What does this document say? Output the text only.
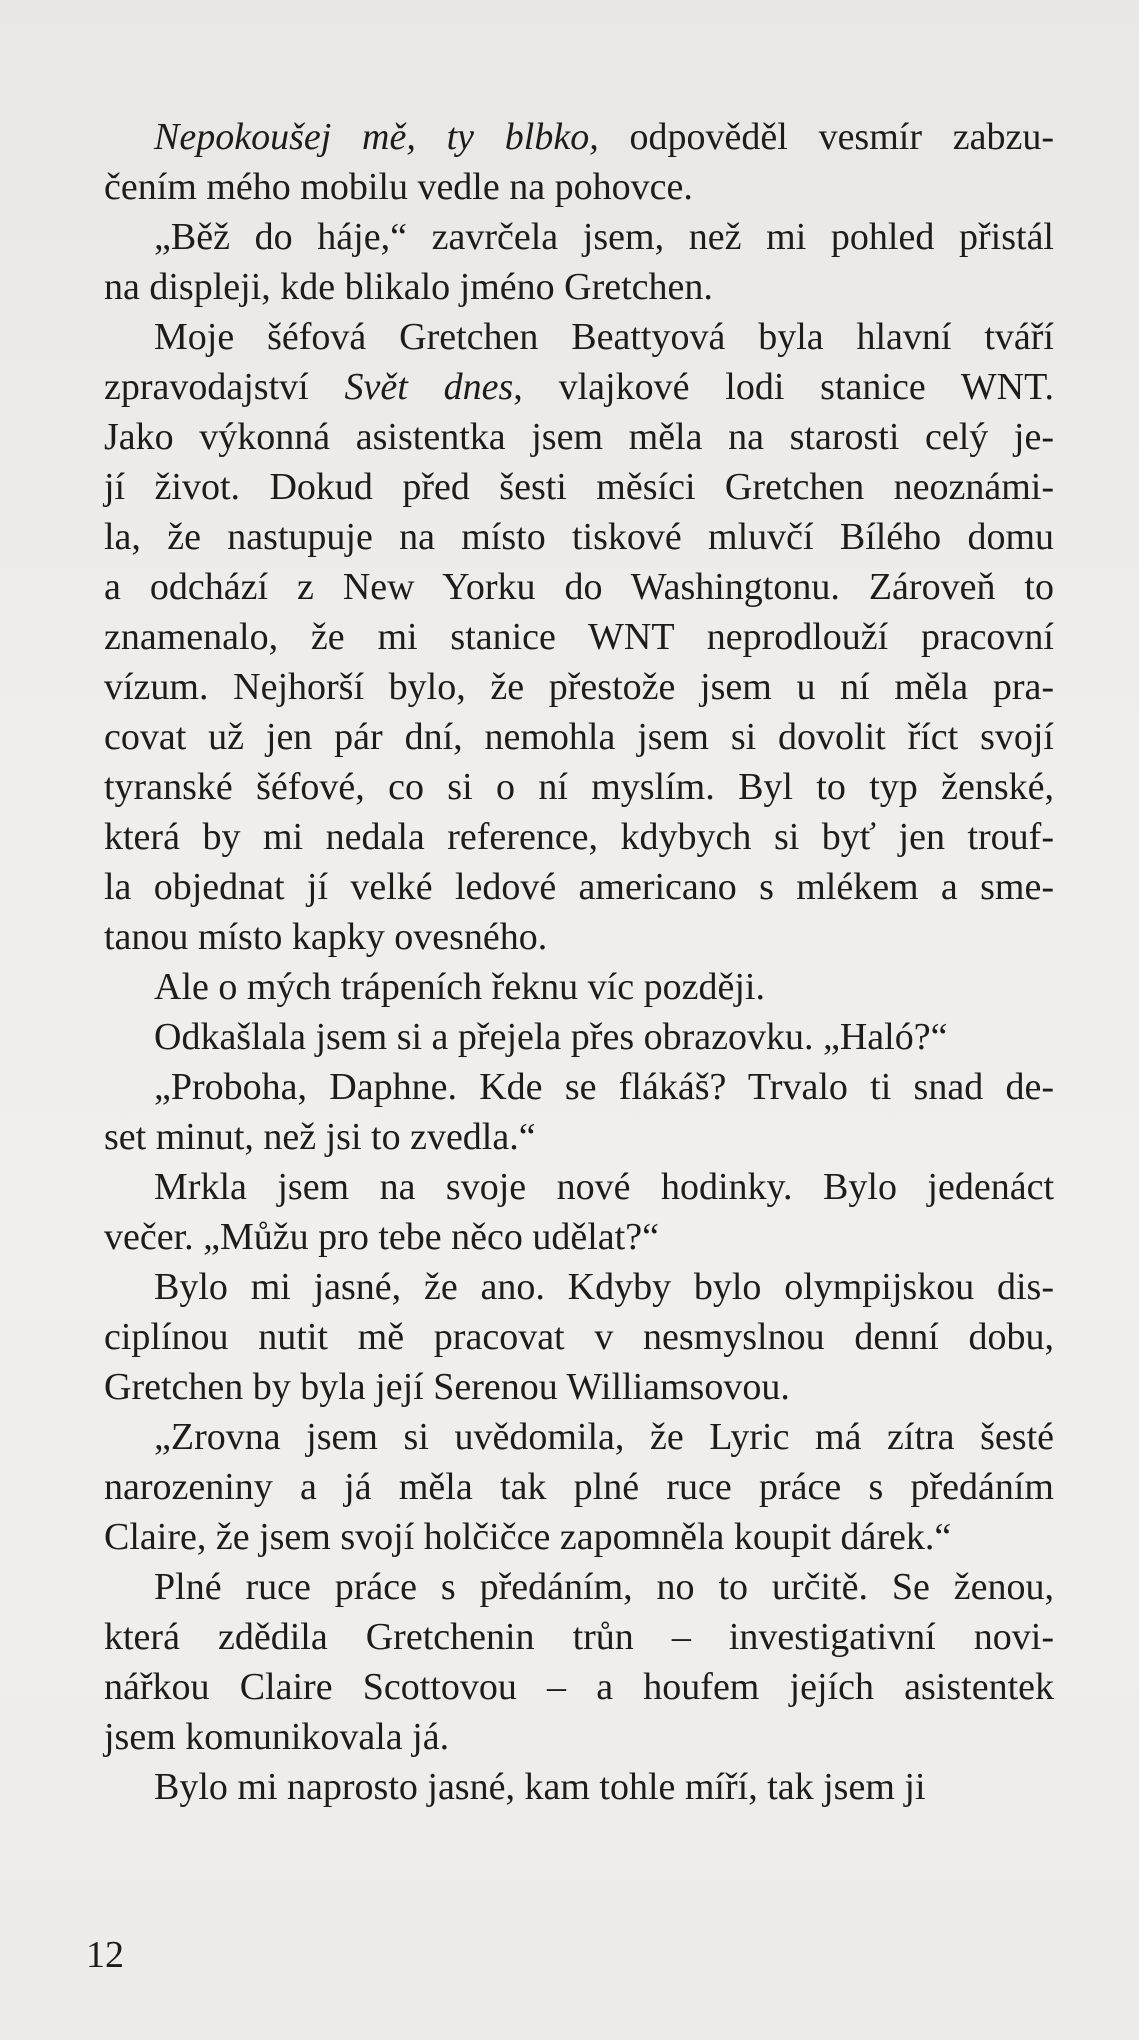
Nepokoušej mě, ty blbko, odpověděl vesmír zabzu-
čením mého mobilu vedle na pohovce.

„Běž do háje,“ zavrčela jsem, než mi pohled přistál
na displeji, kde blikalo jméno Gretchen.

Moje šéfová Gretchen Beattyová byla hlavní tváří
zpravodajství Svět dnes, vlajkové lodi stanice WNT.
Jako výkonná asistentka jsem měla na starosti celý je-
jí život. Dokud před šesti měsíci Gretchen neoznámi-
la, že nastupuje na místo tiskové mluvčí Bílého domu
a odchází z New Yorku do Washingtonu. Zároveň to
znamenalo, že mi stanice WNT neprodlouží pracovní
vízum. Nejhorší bylo, že přestože jsem u ní měla pra-
covat už jen pár dní, nemohla jsem si dovolit říct svojí
tyranské šéfové, co si o ní myslím. Byl to typ ženské,
která by mi nedala reference, kdybych si byť jen trouf-
la objednat jí velké ledové americano s mlékem a sme-
tanou místo kapky ovesného.

Ale o mých trápeních řeknu víc později.

Odkašlala jsem si a přejela přes obrazovku. „Haló?“

„Proboha, Daphne. Kde se flákáš? Trvalo ti snad de-
set minut, než jsi to zvedla.“

Mrkla jsem na svoje nové hodinky. Bylo jedenáct
večer. „Můžu pro tebe něco udělat?“

Bylo mi jasné, že ano. Kdyby bylo olympijskou dis-
ciplínou nutit mě pracovat v nesmyslnou denní dobu,
Gretchen by byla její Serenou Williamsovou.

„Zrovna jsem si uvědomila, že Lyric má zítra šesté
narozeniny a já měla tak plné ruce práce s předáním
Claire, že jsem svojí holčičce zapomněla koupit dárek.“

Plné ruce práce s předáním, no to určitě. Se ženou,
která zdědila Gretchenin trůn – investigativní novi-
nářkou Claire Scottovou – a houfem jejích asistentek
jsem komunikovala já.

Bylo mi naprosto jasné, kam tohle míří, tak jsem ji

12
